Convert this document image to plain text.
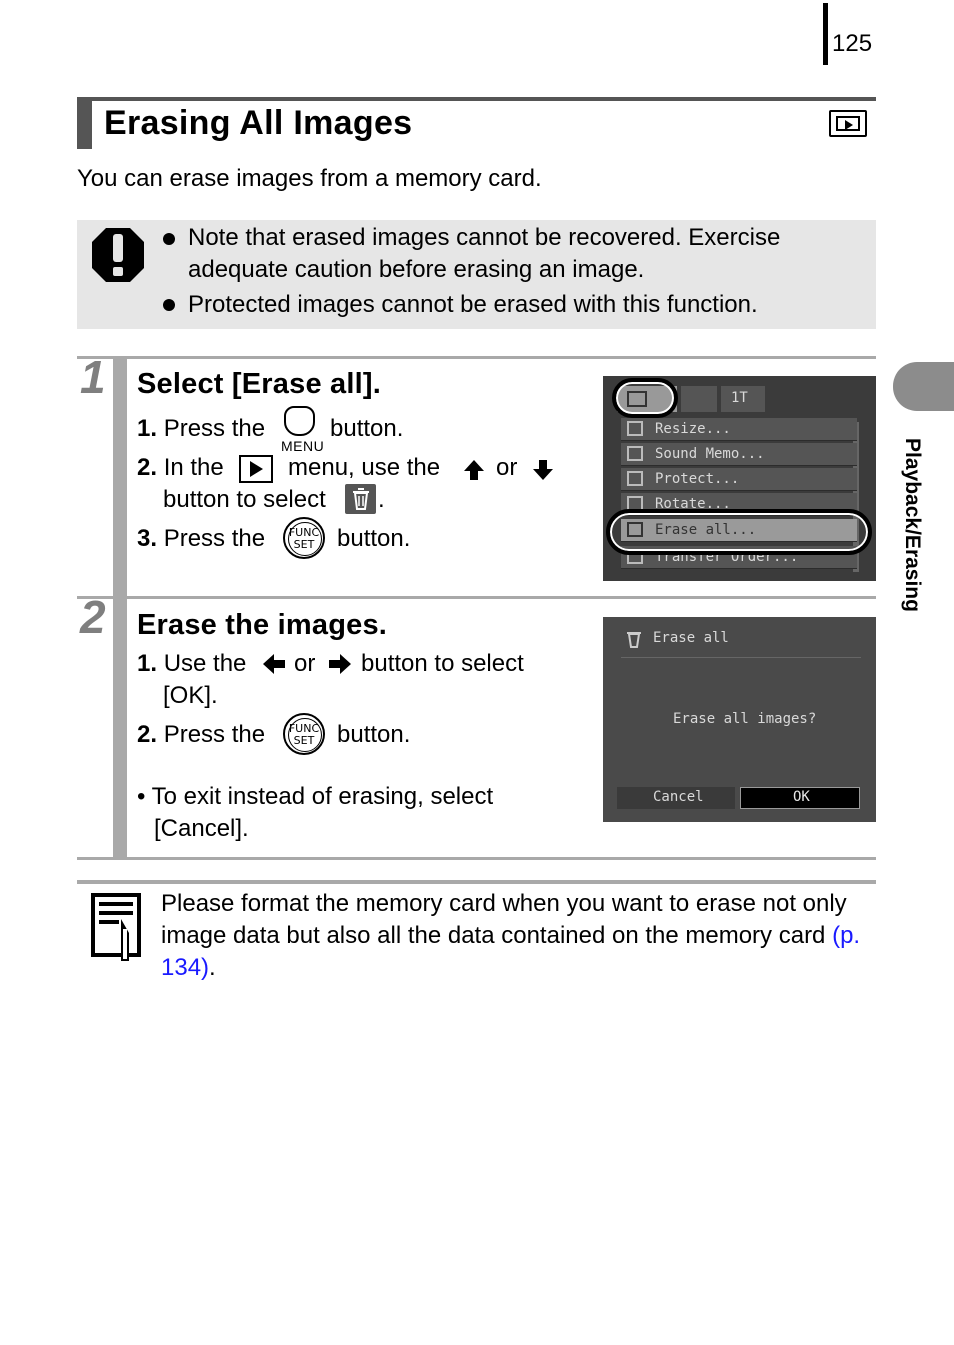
125
Erasing All Images
You can erase images from a memory card.
Note that erased images cannot be recovered. Exercise
adequate caution before erasing an image.
Protected images cannot be erased with this function.
1 Select [Erase all].
1. Press the
MENU
button.
2. In the	menu, use the or
button to select .
3. Press the	FUNC
SET button.
1T
Resize...
Sound Memo...
Protect...
Rotate...
Erase all...
Transfer Order...
2 Erase the images.
1. Use the or button to select
[OK].
2. Press the	FUNC
SET button.
• To exit instead of erasing, select
[Cancel].
Erase all
Erase all images?
Cancel	OK
Please format the memory card when you want to erase not only image data but also all the data contained on the memory card (p. 134).
Playback/Erasing
